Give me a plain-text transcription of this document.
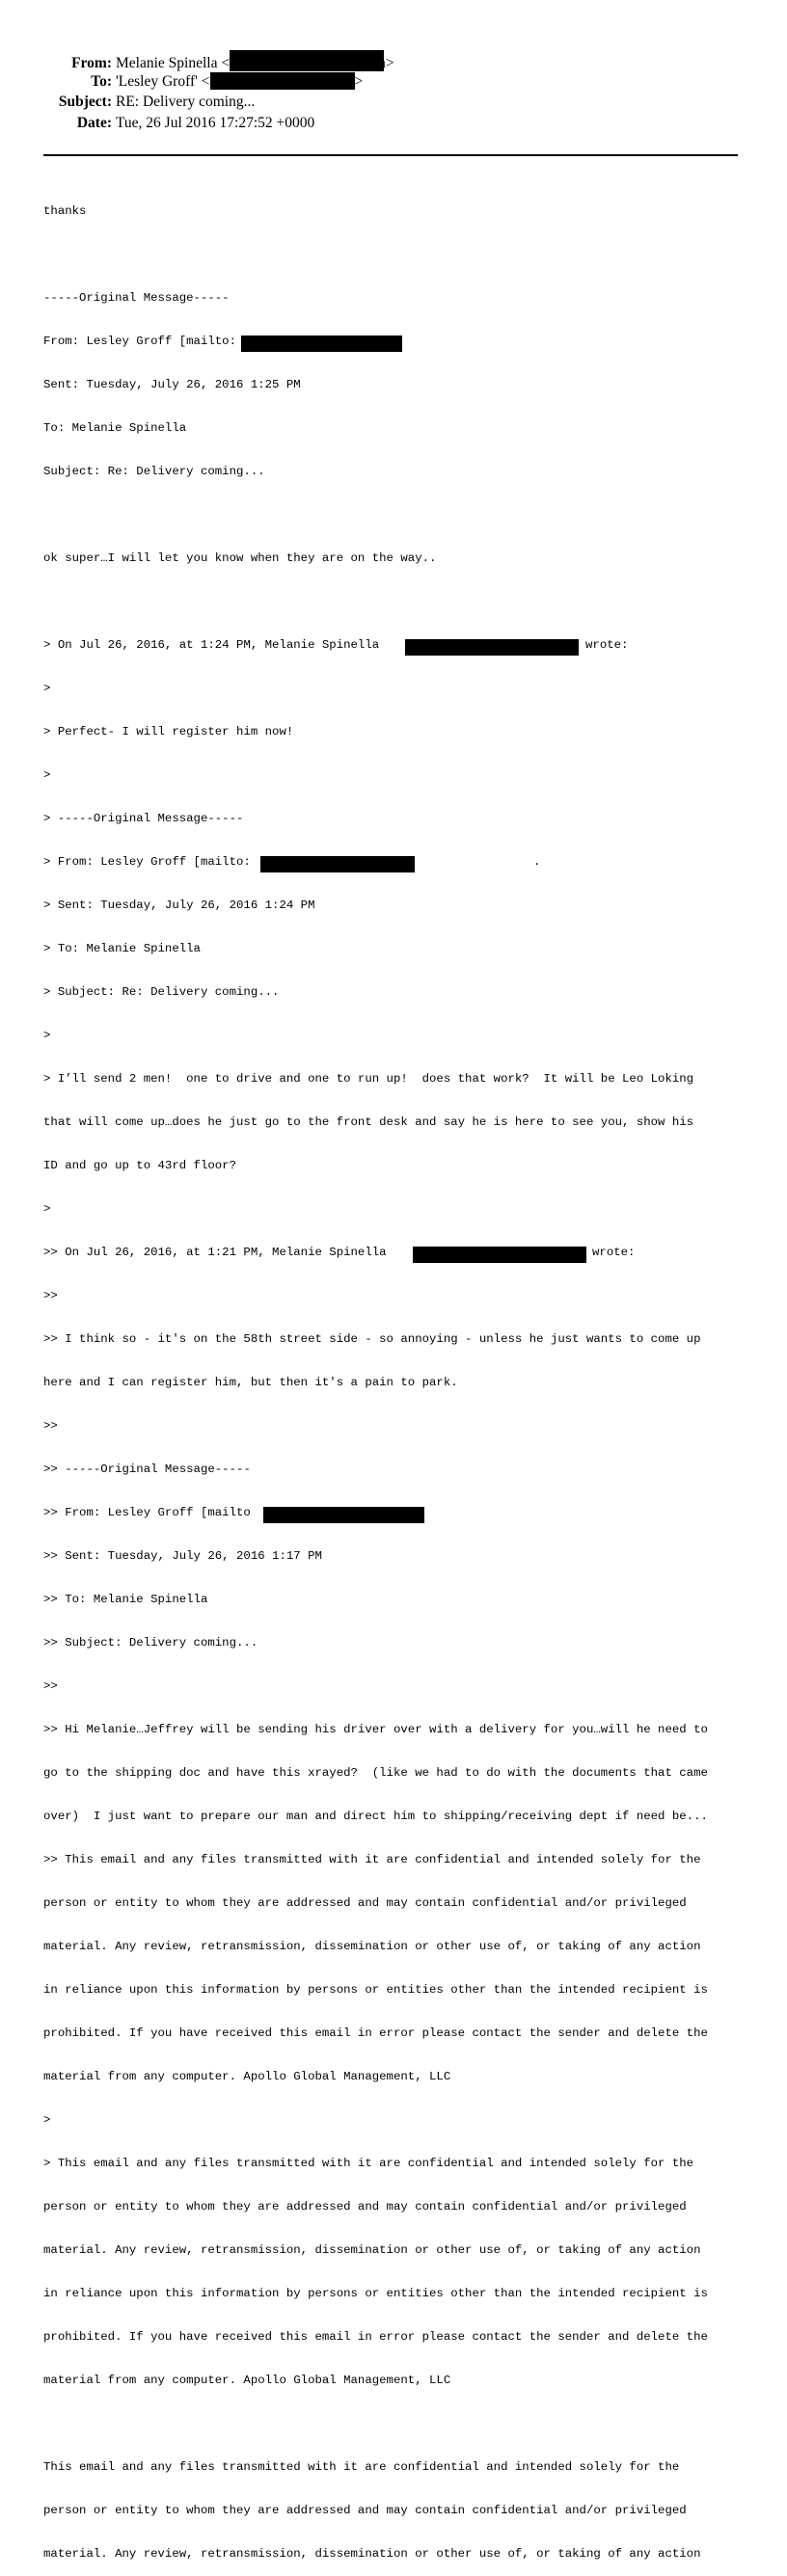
From: Melanie Spinella <	n>
To: 'Lesley Groff' <	>
Subject: RE: Delivery coming...
Date: Tue, 26 Jul 2016 17:27:52 +0000

thanks

-----Original Message-----

From: Lesley Groff [mailto:

Sent: Tuesday, July 26, 2016 1:25 PM

To: Melanie Spinella

Subject: Re: Delivery coming...

ok super…I will let you know when they are on the way..

> On Jul 26, 2016, at 1:24 PM, Melanie Spinella	wrote:

>

> Perfect- I will register him now!

>

> -----Original Message-----

> From: Lesley Groff [mailto:	.

> Sent: Tuesday, July 26, 2016 1:24 PM

> To: Melanie Spinella

> Subject: Re: Delivery coming...

>

> I’ll send 2 men!  one to drive and one to run up!  does that work?  It will be Leo Loking

that will come up…does he just go to the front desk and say he is here to see you, show his

ID and go up to 43rd floor?

>

>> On Jul 26, 2016, at 1:21 PM, Melanie Spinella	wrote:

>>

>> I think so - it's on the 58th street side - so annoying - unless he just wants to come up

here and I can register him, but then it's a pain to park.

>>

>> -----Original Message-----

>> From: Lesley Groff [mailto

>> Sent: Tuesday, July 26, 2016 1:17 PM

>> To: Melanie Spinella

>> Subject: Delivery coming...

>>

>> Hi Melanie…Jeffrey will be sending his driver over with a delivery for you…will he need to

go to the shipping doc and have this xrayed?  (like we had to do with the documents that came

over)  I just want to prepare our man and direct him to shipping/receiving dept if need be...

>> This email and any files transmitted with it are confidential and intended solely for the

person or entity to whom they are addressed and may contain confidential and/or privileged

material. Any review, retransmission, dissemination or other use of, or taking of any action

in reliance upon this information by persons or entities other than the intended recipient is

prohibited. If you have received this email in error please contact the sender and delete the

material from any computer. Apollo Global Management, LLC

>

> This email and any files transmitted with it are confidential and intended solely for the

person or entity to whom they are addressed and may contain confidential and/or privileged

material. Any review, retransmission, dissemination or other use of, or taking of any action

in reliance upon this information by persons or entities other than the intended recipient is

prohibited. If you have received this email in error please contact the sender and delete the

material from any computer. Apollo Global Management, LLC

This email and any files transmitted with it are confidential and intended solely for the

person or entity to whom they are addressed and may contain confidential and/or privileged

material. Any review, retransmission, dissemination or other use of, or taking of any action
